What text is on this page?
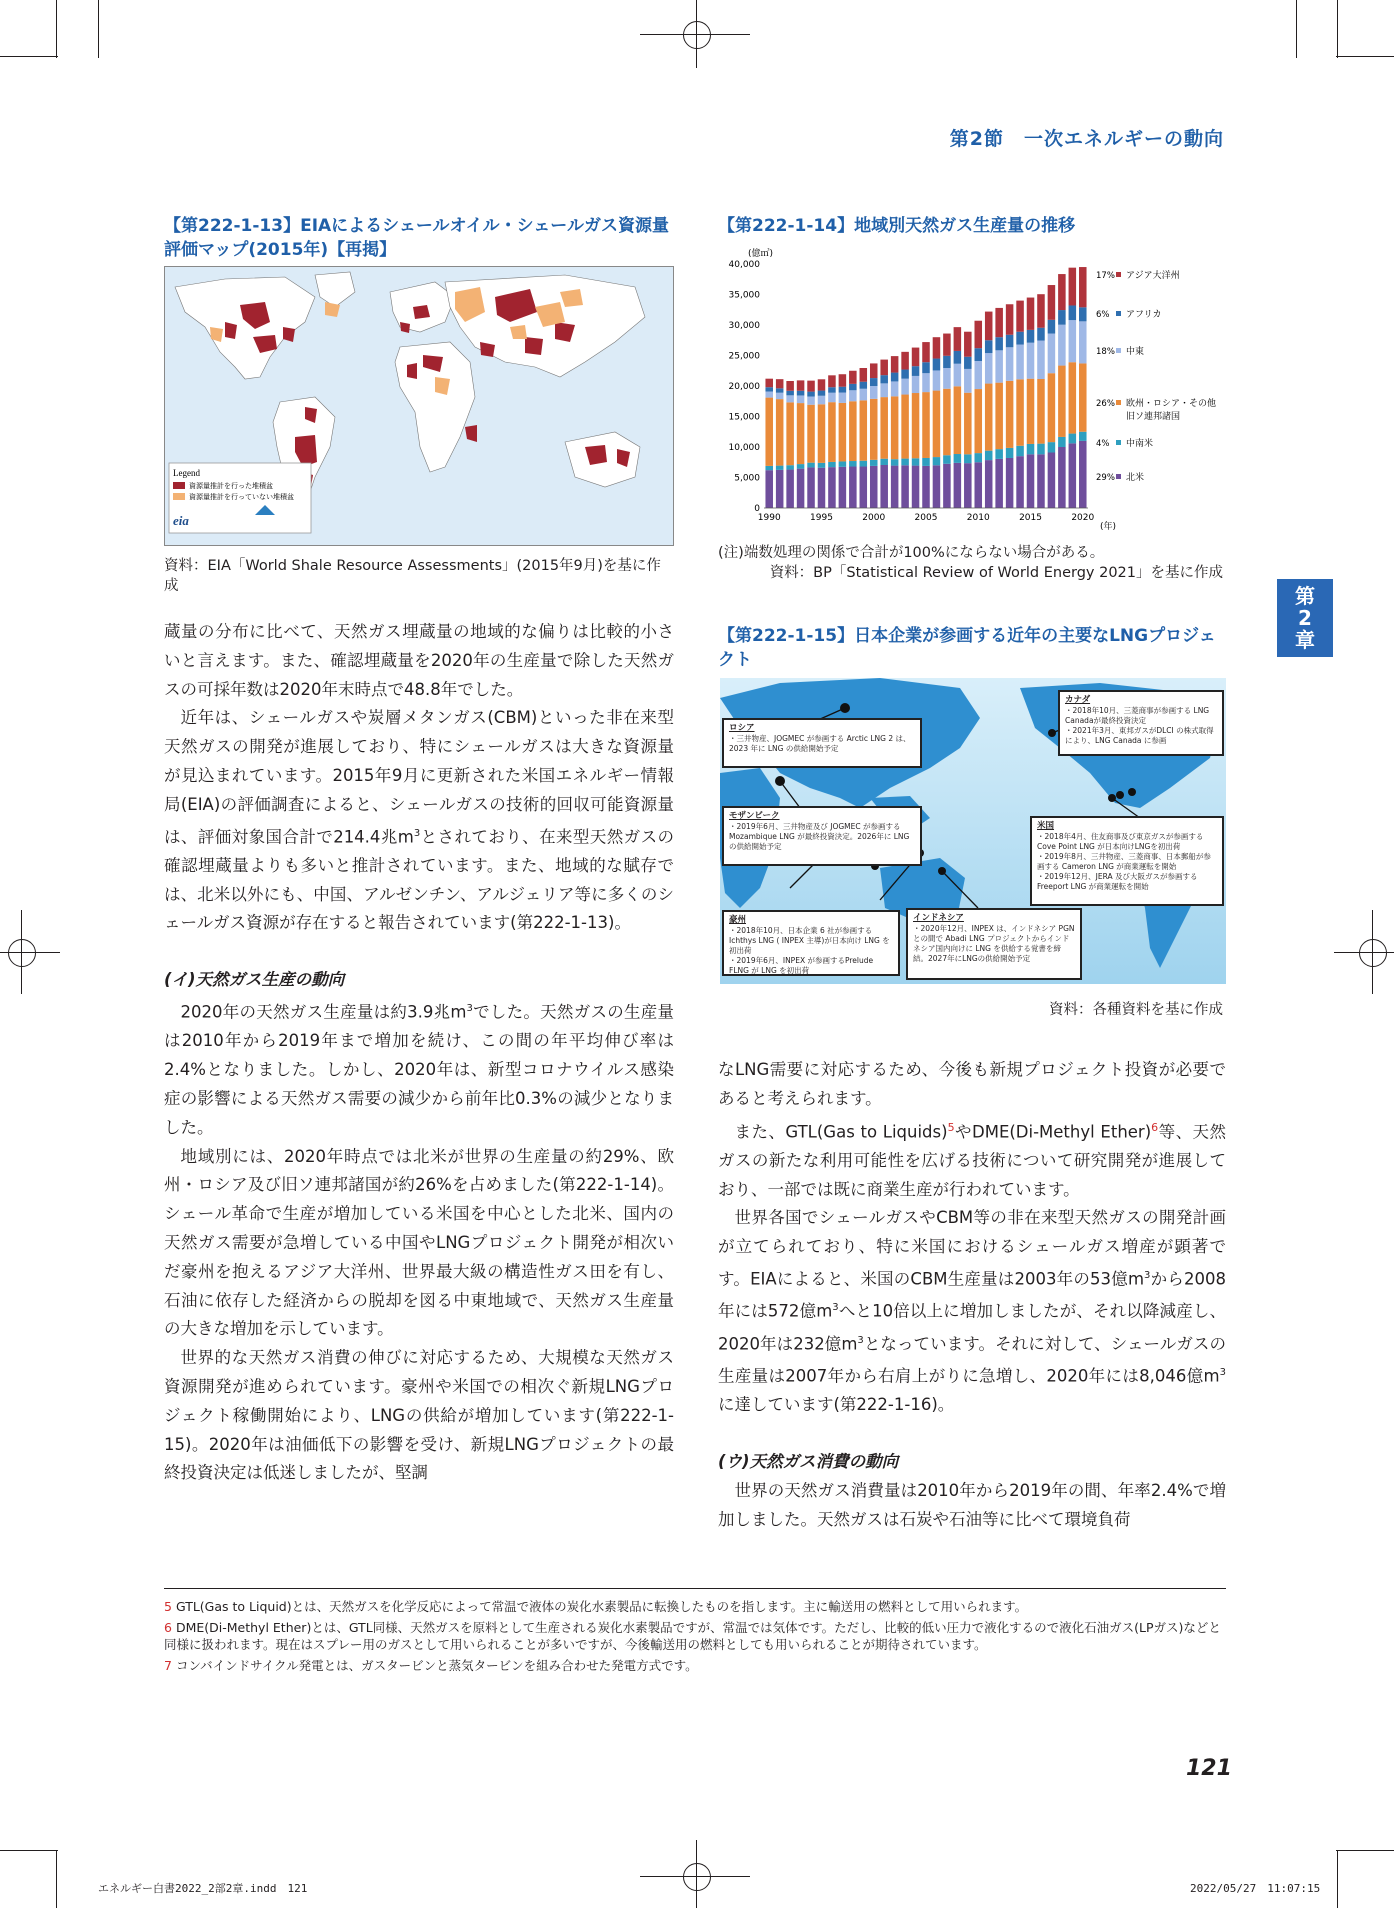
第2節　一次エネルギーの動向
第
2
章
【第222-1-13】EIAによるシェールオイル・シェールガス資源量評価マップ(2015年)【再掲】
Legend
資源量推計を行った堆積盆
資源量推計を行っていない堆積盆
eia
資料：EIA「World Shale Resource Assessments」(2015年9月)を基に作成
【第222-1-14】地域別天然ガス生産量の推移
(億㎥)
(年)
0
5,000
10,000
15,000
20,000
25,000
30,000
35,000
40,000
1990	1995	2000	2005	2010	2015	2020
17% アジア大洋州
6% アフリカ
18% 中東
26% 欧州・ロシア・その他
旧ソ連邦諸国
4% 中南米
29% 北米
(注)端数処理の関係で合計が100%にならない場合がある。
資料：BP「Statistical Review of World Energy 2021」を基に作成
【第222-1-15】日本企業が参画する近年の主要なLNGプロジェクト
ロシア
・三井物産、JOGMEC が参画する Arctic LNG 2 は、2023 年に LNG の供給開始予定
カナダ
・2018年10月、三菱商事が参画する LNG Canadaが最終投資決定
・2021年3月、東邦ガスがDLCI の株式取得により、LNG Canada に参画
モザンビーク
・2019年6月、三井物産及び JOGMEC が参画するMozambique LNG が最終投資決定。2026年に LNG の供給開始予定
米国
・2018年4月、住友商事及び東京ガスが参画する Cove Point LNG が日本向けLNGを初出荷
・2019年8月、三井物産、三菱商事、日本郵船が参画する Cameron LNG が商業運転を開始
・2019年12月、JERA 及び大阪ガスが参画する Freeport LNG が商業運転を開始
豪州
・2018年10月、日本企業 6 社が参画する Ichthys LNG ( INPEX 主導)が日本向け LNG を初出荷
・2019年6月、INPEX が参画するPrelude FLNG が LNG を初出荷
インドネシア
・2020年12月、INPEX は、インドネシア PGN との間で Abadi LNG プロジェクトからインドネシア国内向けに LNG を供給する覚書を締結。2027年にLNGの供給開始予定
資料：各種資料を基に作成

蔵量の分布に比べて、天然ガス埋蔵量の地域的な偏りは比較的小さいと言えます。また、確認埋蔵量を2020年の生産量で除した天然ガスの可採年数は2020年末時点で48.8年でした。

近年は、シェールガスや炭層メタンガス(CBM)といった非在来型天然ガスの開発が進展しており、特にシェールガスは大きな資源量が見込まれています。2015年9月に更新された米国エネルギー情報局(EIA)の評価調査によると、シェールガスの技術的回収可能資源量は、評価対象国合計で214.4兆$m^3$とされており、在来型天然ガスの確認埋蔵量よりも多いと推計されています。また、地域的な賦存では、北米以外にも、中国、アルゼンチン、アルジェリア等に多くのシェールガス資源が存在すると報告されています(第222-1-13)。

(イ)天然ガス生産の動向

2020年の天然ガス生産量は約3.9兆$m^3$でした。天然ガスの生産量は2010年から2019年まで増加を続け、この間の年平均伸び率は2.4%となりました。しかし、2020年は、新型コロナウイルス感染症の影響による天然ガス需要の減少から前年比0.3%の減少となりました。

地域別には、2020年時点では北米が世界の生産量の約29%、欧州・ロシア及び旧ソ連邦諸国が約26%を占めました(第222-1-14)。シェール革命で生産が増加している米国を中心とした北米、国内の天然ガス需要が急増している中国やLNGプロジェクト開発が相次いだ豪州を抱えるアジア大洋州、世界最大級の構造性ガス田を有し、石油に依存した経済からの脱却を図る中東地域で、天然ガス生産量の大きな増加を示しています。

世界的な天然ガス消費の伸びに対応するため、大規模な天然ガス資源開発が進められています。豪州や米国での相次ぐ新規LNGプロジェクト稼働開始により、LNGの供給が増加しています(第222-1-15)。2020年は油価低下の影響を受け、新規LNGプロジェクトの最終投資決定は低迷しましたが、堅調

なLNG需要に対応するため、今後も新規プロジェクト投資が必要であると考えられます。

また、GTL(Gas to Liquids)$^5$やDME(Di-Methyl Ether)$^6$等、天然ガスの新たな利用可能性を広げる技術について研究開発が進展しており、一部では既に商業生産が行われています。

世界各国でシェールガスやCBM等の非在来型天然ガスの開発計画が立てられており、特に米国におけるシェールガス増産が顕著です。EIAによると、米国のCBM生産量は2003年の53億$m^3$から2008年には572億$m^3$へと10倍以上に増加しましたが、それ以降減産し、2020年は232億$m^3$となっています。それに対して、シェールガスの生産量は2007年から右肩上がりに急増し、2020年には8,046億$m^3$に達しています(第222-1-16)。

(ウ)天然ガス消費の動向

世界の天然ガス消費量は2010年から2019年の間、年率2.4%で増加しました。天然ガスは石炭や石油等に比べて環境負荷

5 GTL(Gas to Liquid)とは、天然ガスを化学反応によって常温で液体の炭化水素製品に転換したものを指します。主に輸送用の燃料として用いられます。
6 DME(Di-Methyl Ether)とは、GTL同様、天然ガスを原料として生産される炭化水素製品ですが、常温では気体です。ただし、比較的低い圧力で液化するので液化石油ガス(LPガス)などと同様に扱われます。現在はスプレー用のガスとして用いられることが多いですが、今後輸送用の燃料としても用いられることが期待されています。
7 コンバインドサイクル発電とは、ガスタービンと蒸気タービンを組み合わせた発電方式です。
121
エネルギー白書2022_2部2章.indd　121	2022/05/27　11:07:15
